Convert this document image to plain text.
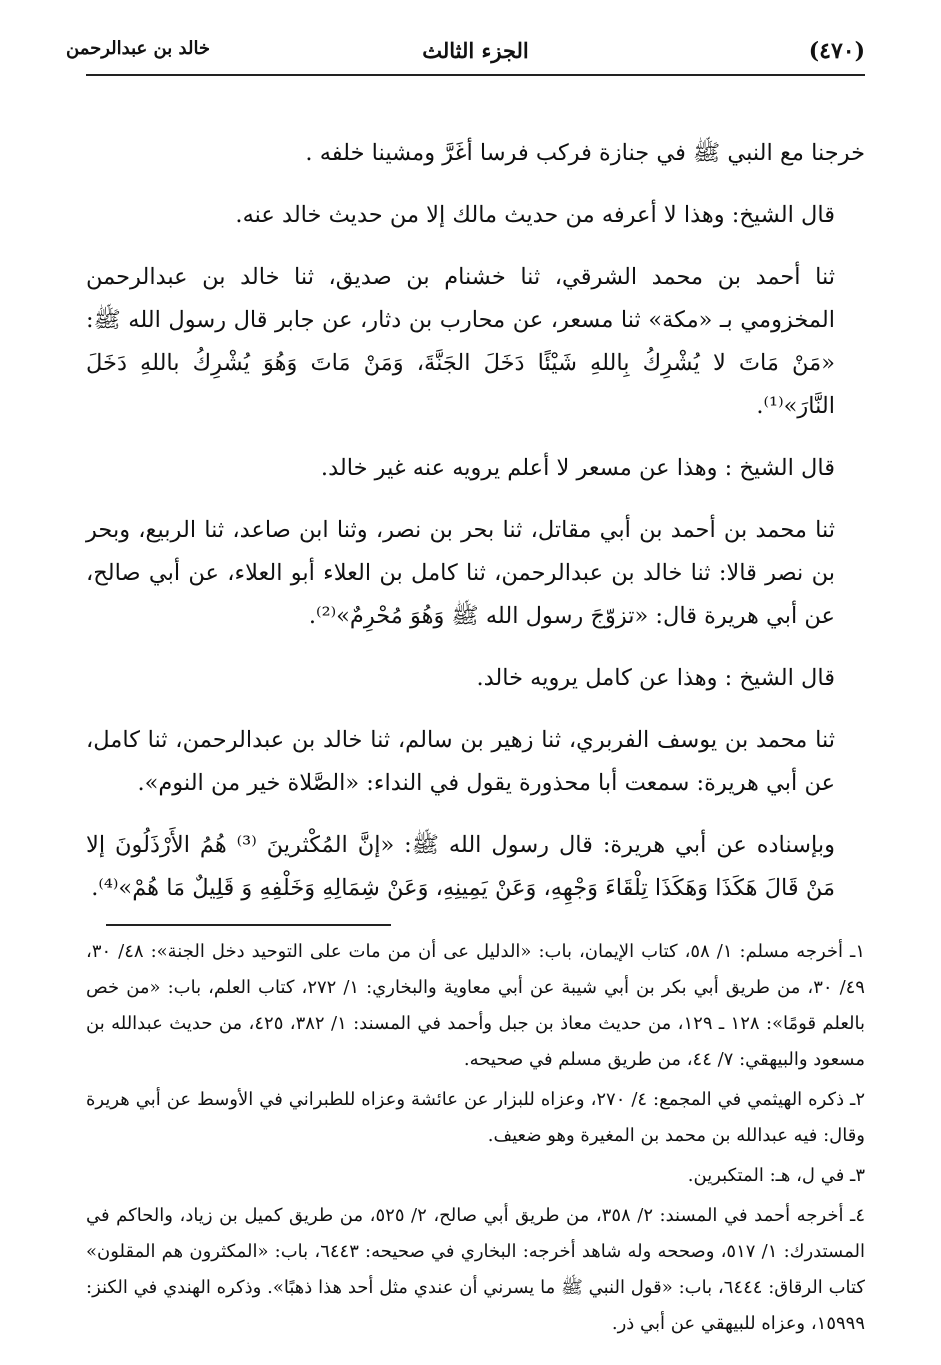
(٤٧٠)
الجزء الثالث
خالد بن عبدالرحمن

خرجنا مع النبي ﷺ في جنازة فركب فرسا أغَرَّ ومشينا خلفه .

قال الشيخ: وهذا لا أعرفه من حديث مالك إلا من حديث خالد عنه.

ثنا أحمد بن محمد الشرقي، ثنا خشنام بن صديق، ثنا خالد بن عبدالرحمن المخزومي بـ «مكة» ثنا مسعر، عن محارب بن دثار، عن جابر قال رسول الله ﷺ: «مَنْ مَاتَ لا يُشْرِكُ بِاللهِ شَيْئًا دَخَلَ الجَنَّةَ، وَمَنْ مَاتَ وَهُوَ يُشْرِكُ باللهِ دَخَلَ النَّارَ»⁽¹⁾.

قال الشيخ : وهذا عن مسعر لا أعلم يرويه عنه غير خالد.

ثنا محمد بن أحمد بن أبي مقاتل، ثنا بحر بن نصر، وثنا ابن صاعد، ثنا الربيع، وبحر بن نصر قالا: ثنا خالد بن عبدالرحمن، ثنا كامل بن العلاء أبو العلاء، عن أبي صالح، عن أبي هريرة قال: «تزوّجَ رسول الله ﷺ وَهُوَ مُحْرِمٌ»⁽²⁾.

قال الشيخ : وهذا عن كامل يرويه خالد.

ثنا محمد بن يوسف الفربري، ثنا زهير بن سالم، ثنا خالد بن عبدالرحمن، ثنا كامل، عن أبي هريرة: سمعت أبا محذورة يقول في النداء: «الصَّلاة خير من النوم».

وبإسناده عن أبي هريرة: قال رسول الله ﷺ: «إنَّ المُكْثرينَ ⁽³⁾ هُمُ الأَرْذَلُونَ إلا مَنْ قَالَ هَكَذَا وَهَكَذَا تِلْقَاءَ وَجْهِهِ، وَعَنْ يَمِينِهِ، وَعَنْ شِمَالِهِ وَخَلْفِهِ وَ قَلِيلٌ مَا هُمْ»⁽⁴⁾.

١ـ أخرجه مسلم: ١/ ٥٨، كتاب الإيمان، باب: «الدليل عى أن من مات على التوحيد دخل الجنة»: ٤٨/ ٣٠، ٤٩/ ٣٠، من طريق أبي بكر بن أبي شيبة عن أبي معاوية والبخاري: ١/ ٢٧٢، كتاب العلم، باب: «من خص بالعلم قومًا»: ١٢٨ ـ ١٢٩، من حديث معاذ بن جبل وأحمد في المسند: ١/ ٣٨٢، ٤٢٥، من حديث عبدالله بن مسعود والبيهقي: ٧/ ٤٤، من طريق مسلم في صحيحه.

٢ـ ذكره الهيثمي في المجمع: ٤/ ٢٧٠، وعزاه للبزار عن عائشة وعزاه للطبراني في الأوسط عن أبي هريرة وقال: فيه عبدالله بن محمد بن المغيرة وهو ضعيف.

٣ـ في ل، هـ: المتكبرين.

٤ـ أخرجه أحمد في المسند: ٢/ ٣٥٨، من طريق أبي صالح، ٢/ ٥٢٥، من طريق كميل بن زياد، والحاكم في المستدرك: ١/ ٥١٧، وصححه وله شاهد أخرجه: البخاري في صحيحه: ٦٤٤٣، باب: «المكثرون هم المقلون» كتاب الرقاق: ٦٤٤٤، باب: «قول النبي ﷺ ما يسرني أن عندي مثل أحد هذا ذهبًا». وذكره الهندي في الكنز: ١٥٩٩٩، وعزاه للبيهقي عن أبي ذر.
